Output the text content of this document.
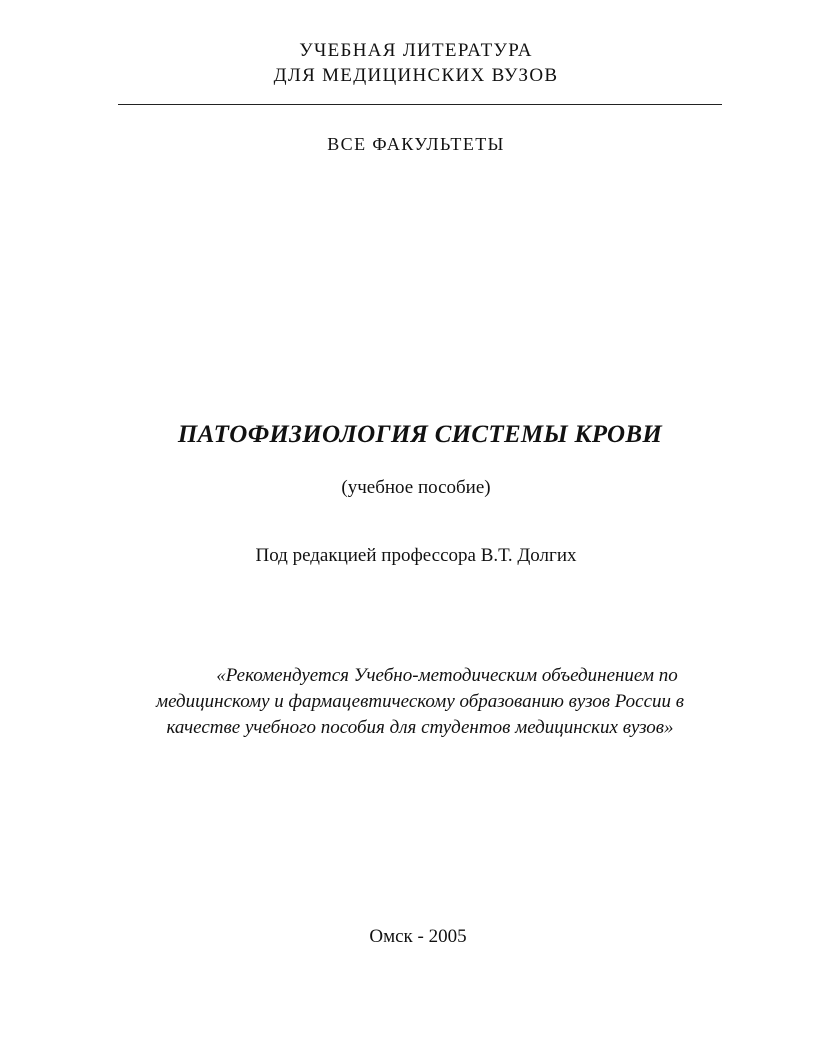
УЧЕБНАЯ ЛИТЕРАТУРА
ДЛЯ МЕДИЦИНСКИХ ВУЗОВ
ВСЕ ФАКУЛЬТЕТЫ
ПАТОФИЗИОЛОГИЯ СИСТЕМЫ КРОВИ
(учебное пособие)
Под редакцией профессора В.Т. Долгих
«Рекомендуется Учебно-методическим объединением по
медицинскому и фармацевтическому образованию вузов России в
качестве учебного пособия для студентов медицинских вузов»
Омск - 2005
